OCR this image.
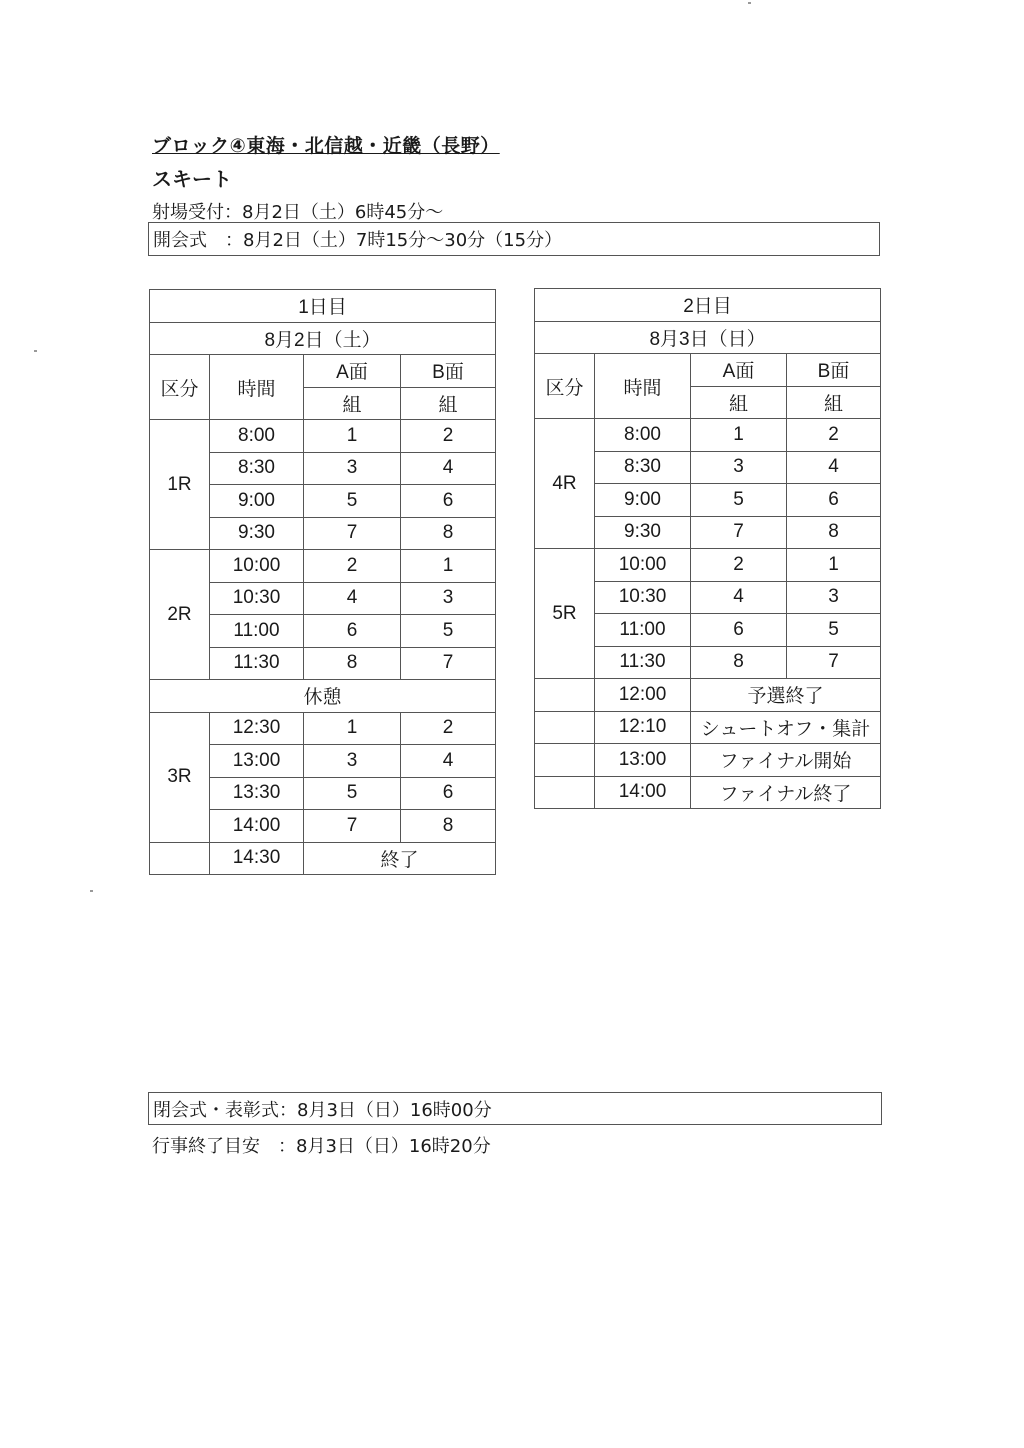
ブロック④東海・北信越・近畿（長野）
スキート
射場受付：8月2日（土）6時45分～
開会式　：8月2日（土）7時15分～30分（15分）
1日目			
8月2日（土）			
区分	時間	A面	B面
		組	組
1R	8:00	1	2
	8:30	3	4
	9:00	5	6
	9:30	7	8
2R	10:00	2	1
	10:30	4	3
	11:00	6	5
	11:30	8	7
休憩			
3R	12:30	1	2
	13:00	3	4
	13:30	5	6
	14:00	7	8
	14:30	終了	
2日目			
8月3日（日）			
区分	時間	A面	B面
		組	組
4R	8:00	1	2
	8:30	3	4
	9:00	5	6
	9:30	7	8
5R	10:00	2	1
	10:30	4	3
	11:00	6	5
	11:30	8	7
	12:00	予選終了	
	12:10	シュートオフ・集計	
	13:00	ファイナル開始	
	14:00	ファイナル終了	
閉会式・表彰式：8月3日（日）16時00分
行事終了目安　：8月3日（日）16時20分
